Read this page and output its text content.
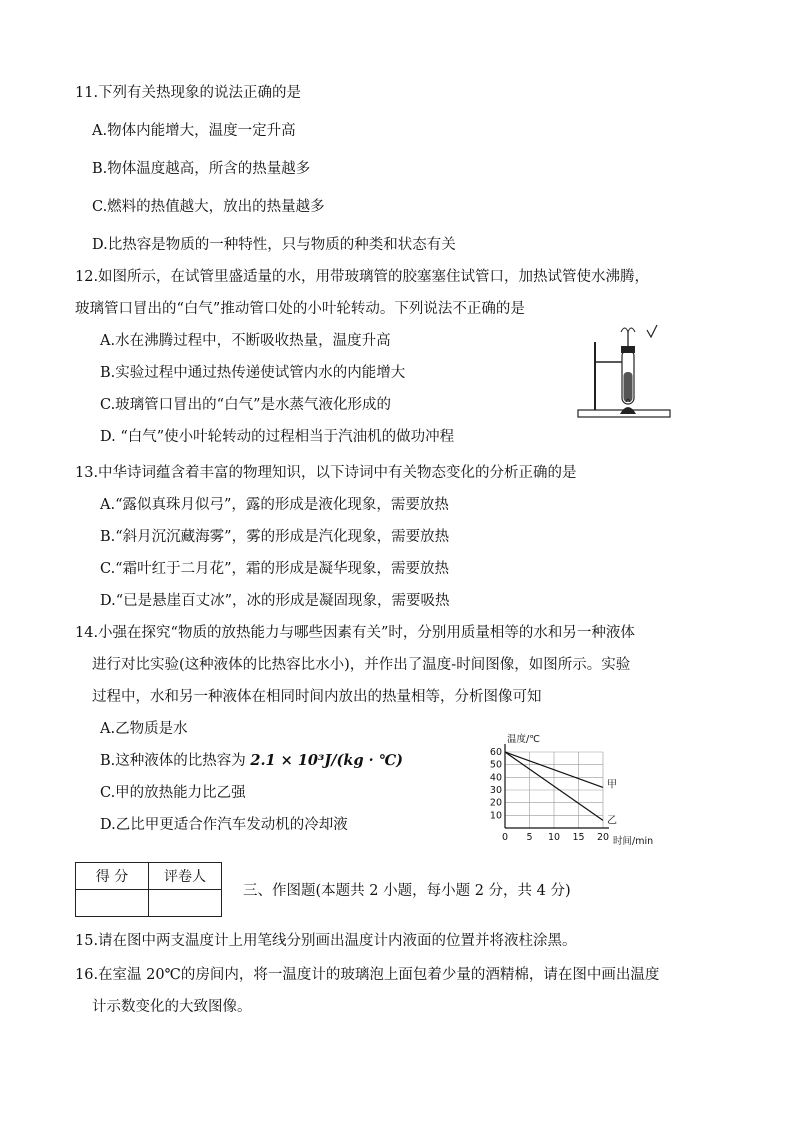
11.下列有关热现象的说法正确的是
A.物体内能增大，温度一定升高
B.物体温度越高，所含的热量越多
C.燃料的热值越大，放出的热量越多
D.比热容是物质的一种特性，只与物质的种类和状态有关
12.如图所示，在试管里盛适量的水，用带玻璃管的胶塞塞住试管口，加热试管使水沸腾，
玻璃管口冒出的“白气”推动管口处的小叶轮转动。下列说法不正确的是
A.水在沸腾过程中，不断吸收热量，温度升高
B.实验过程中通过热传递使试管内水的内能增大
C.玻璃管口冒出的“白气”是水蒸气液化形成的
D. “白气”使小叶轮转动的过程相当于汽油机的做功冲程
13.中华诗词蕴含着丰富的物理知识，以下诗词中有关物态变化的分析正确的是
A.“露似真珠月似弓”，露的形成是液化现象，需要放热
B.“斜月沉沉藏海雾”，雾的形成是汽化现象，需要放热
C.“霜叶红于二月花”，霜的形成是凝华现象，需要放热
D.“已是悬崖百丈冰”，冰的形成是凝固现象，需要吸热
14.小强在探究“物质的放热能力与哪些因素有关”时，分别用质量相等的水和另一种液体
进行对比实验(这种液体的比热容比水小)，并作出了温度-时间图像，如图所示。实验
过程中，水和另一种液体在相同时间内放出的热量相等，分析图像可知
A.乙物质是水
B.这种液体的比热容为 2.1 × 10³J/(kg · ℃)
C.甲的放热能力比乙强
D.乙比甲更适合作汽车发动机的冷却液
0 5 10 15 20
10
20
30
40
50
60
甲
乙
温度/℃
时间/min
得 分	评卷人

三、作图题(本题共 2 小题，每小题 2 分，共 4 分)
15.请在图中两支温度计上用笔线分别画出温度计内液面的位置并将液柱涂黑。
16.在室温 20℃的房间内，将一温度计的玻璃泡上面包着少量的酒精棉，请在图中画出温度
计示数变化的大致图像。
